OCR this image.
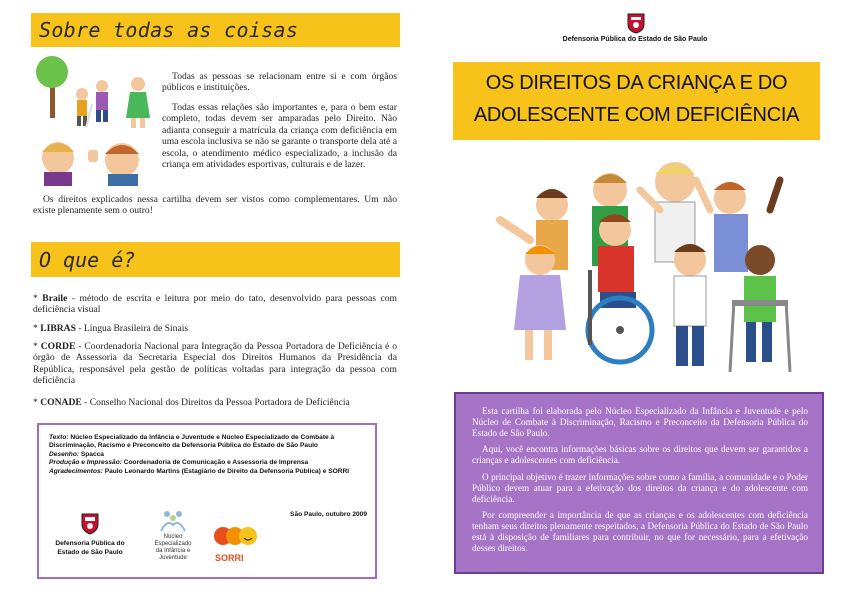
Sobre todas as coisas
Todas as pessoas se relacionam entre si e com órgãos públicos e instituições.
Todas essas relações são importantes e, para o bem estar completo, todas devem ser amparadas pelo Direito. Não adianta conseguir a matrícula da criança com deficiência em uma escola inclusiva se não se garante o transporte dela até a escola, o atendimento médico especializado, a inclusão da criança em atividades esportivas, culturais e de lazer.
Os direitos explicados nessa cartilha devem ser vistos como complementares. Um não existe plenamente sem o outro!
O que é?
* Braile - método de escrita e leitura por meio do tato, desenvolvido para pessoas com deficiência visual
* LIBRAS - Língua Brasileira de Sinais
* CORDE - Coordenadoria Nacional para Integração da Pessoa Portadora de Deficiência é o órgão de Assessoria da Secretaria Especial dos Direitos Humanos da Presidência da República, responsável pela gestão de políticas voltadas para integração da pessoa com deficiência
* CONADE - Conselho Nacional dos Direitos da Pessoa Portadora de Deficiência
Texto: Núcleo Especializado da Infância e Juventude e Núcleo Especializado de Combate à Discriminação, Racismo e Preconceito da Defensoria Pública do Estado de São Paulo
Desenho: Spacca
Produção e Impressão: Coordenadoria de Comunicação e Assessoria de Imprensa
Agradecimentos: Paulo Leonardo Martins (Estagiário de Direito da Defensoria Pública) e SORRI
São Paulo, outubro 2009
Defensoria Pública do
Estado de São Paulo
Núcleo
Especializado
da Infância e
Juventude	SORRI
Defensoria Pública do Estado de São Paulo
OS DIREITOS DA CRIANÇA E DO
ADOLESCENTE COM DEFICIÊNCIA

Esta cartilha foi elaborada pelo Núcleo Especializado da Infância e Juventude e pelo Núcleo de Combate à Discriminação, Racismo e Preconceito da Defensoria Pública do Estado de São Paulo.

Aqui, você encontra informações básicas sobre os direitos que devem ser garantidos a crianças e adolescentes com deficiência.

O principal objetivo é trazer informações sobre como a família, a comunidade e o Poder Público devem atuar para a efetivação dos direitos da criança e do adolescente com deficiência.

Por compreender a importância de que as crianças e os adolescentes com deficiência tenham seus direitos plenamente respeitados, a Defensoria Pública do Estado de São Paulo está à disposição de familiares para contribuir, no que for necessário, para a efetivação desses direitos.
